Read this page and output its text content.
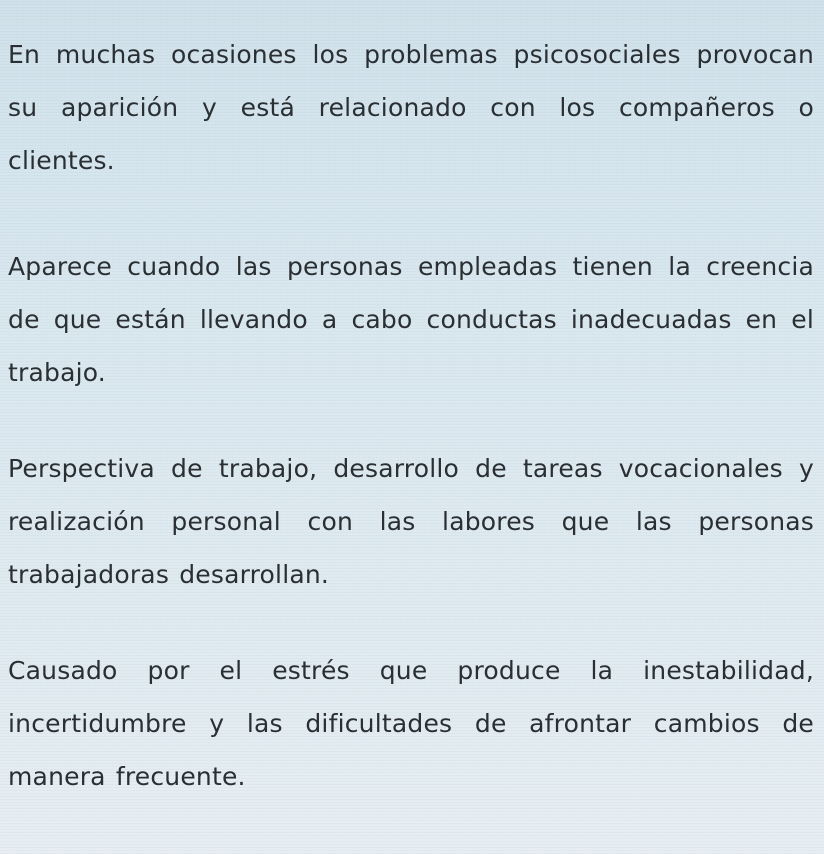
En muchas ocasiones los problemas psicosociales provocan su aparición y está relacionado con los compañeros o clientes.

Aparece cuando las personas empleadas tienen la creencia de que están llevando a cabo conductas inadecuadas en el trabajo.

Perspectiva de trabajo, desarrollo de tareas vocacionales y realización personal con las labores que las personas trabajadoras desarrollan.

Causado por el estrés que produce la inestabilidad, incertidumbre y las dificultades de afrontar cambios de manera frecuente.
